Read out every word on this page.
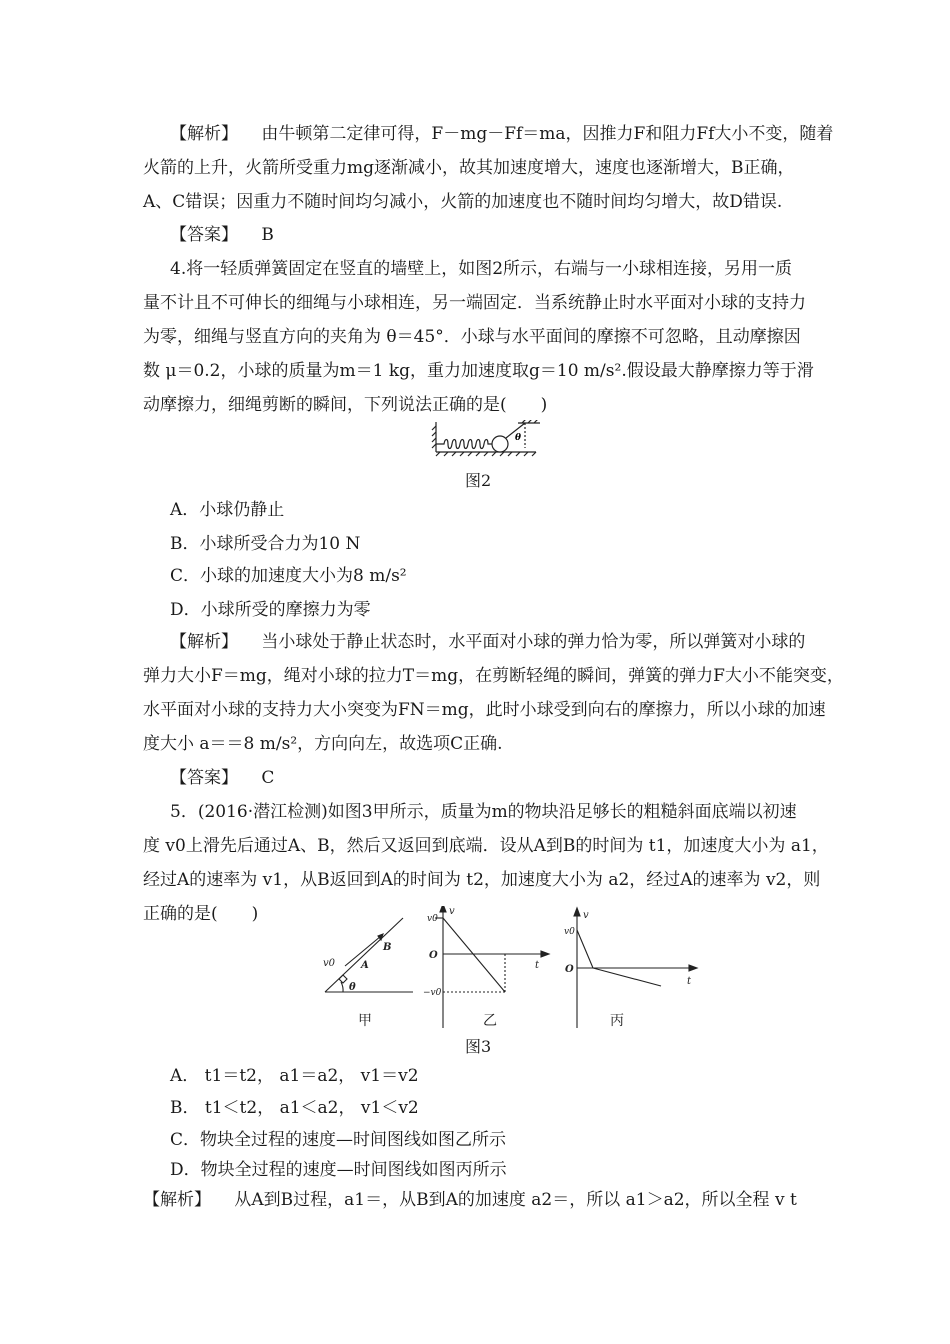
【解析】 由牛顿第二定律可得，F－mg－Ff＝ma，因推力F和阻力Ff大小不变，随着
火箭的上升，火箭所受重力mg逐渐减小，故其加速度增大，速度也逐渐增大，B正确，
A、C错误；因重力不随时间均匀减小，火箭的加速度也不随时间均匀增大，故D错误.
【答案】 B
4.将一轻质弹簧固定在竖直的墙壁上，如图2所示，右端与一小球相连接，另用一质
量不计且不可伸长的细绳与小球相连，另一端固定．当系统静止时水平面对小球的支持力
为零，细绳与竖直方向的夹角为 θ＝45°．小球与水平面间的摩擦不可忽略，且动摩擦因
数 μ＝0.2，小球的质量为m＝1 kg，重力加速度取g＝10 m/s².假设最大静摩擦力等于滑
动摩擦力，细绳剪断的瞬间，下列说法正确的是(　　)
θ
图2
A．小球仍静止
B．小球所受合力为10 N
C．小球的加速度大小为8 m/s²
D．小球所受的摩擦力为零
【解析】 当小球处于静止状态时，水平面对小球的弹力恰为零，所以弹簧对小球的
弹力大小F＝mg，绳对小球的拉力T＝mg，在剪断轻绳的瞬间，弹簧的弹力F大小不能突变，
水平面对小球的支持力大小突变为FN＝mg，此时小球受到向右的摩擦力，所以小球的加速
度大小 a＝＝8 m/s²，方向向左，故选项C正确.
【答案】 C
5．(2016·潜江检测)如图3甲所示，质量为m的物块沿足够长的粗糙斜面底端以初速
度 v0上滑先后通过A、B，然后又返回到底端．设从A到B的时间为 t1，加速度大小为 a1，
经过A的速率为 v1，从B返回到A的时间为 t2，加速度大小为 a2，经过A的速率为 v2，则
正确的是(　　)
v0	A
B
θ
v0
v
O
t
−v0
v0
v
O
t
甲	乙	丙
图3
A． t1＝t2， a1＝a2， v1＝v2
B． t1＜t2， a1＜a2， v1＜v2
C．物块全过程的速度—时间图线如图乙所示
D．物块全过程的速度—时间图线如图丙所示
【解析】 从A到B过程，a1＝，从B到A的加速度 a2＝，所以 a1＞a2，所以全程 v t
